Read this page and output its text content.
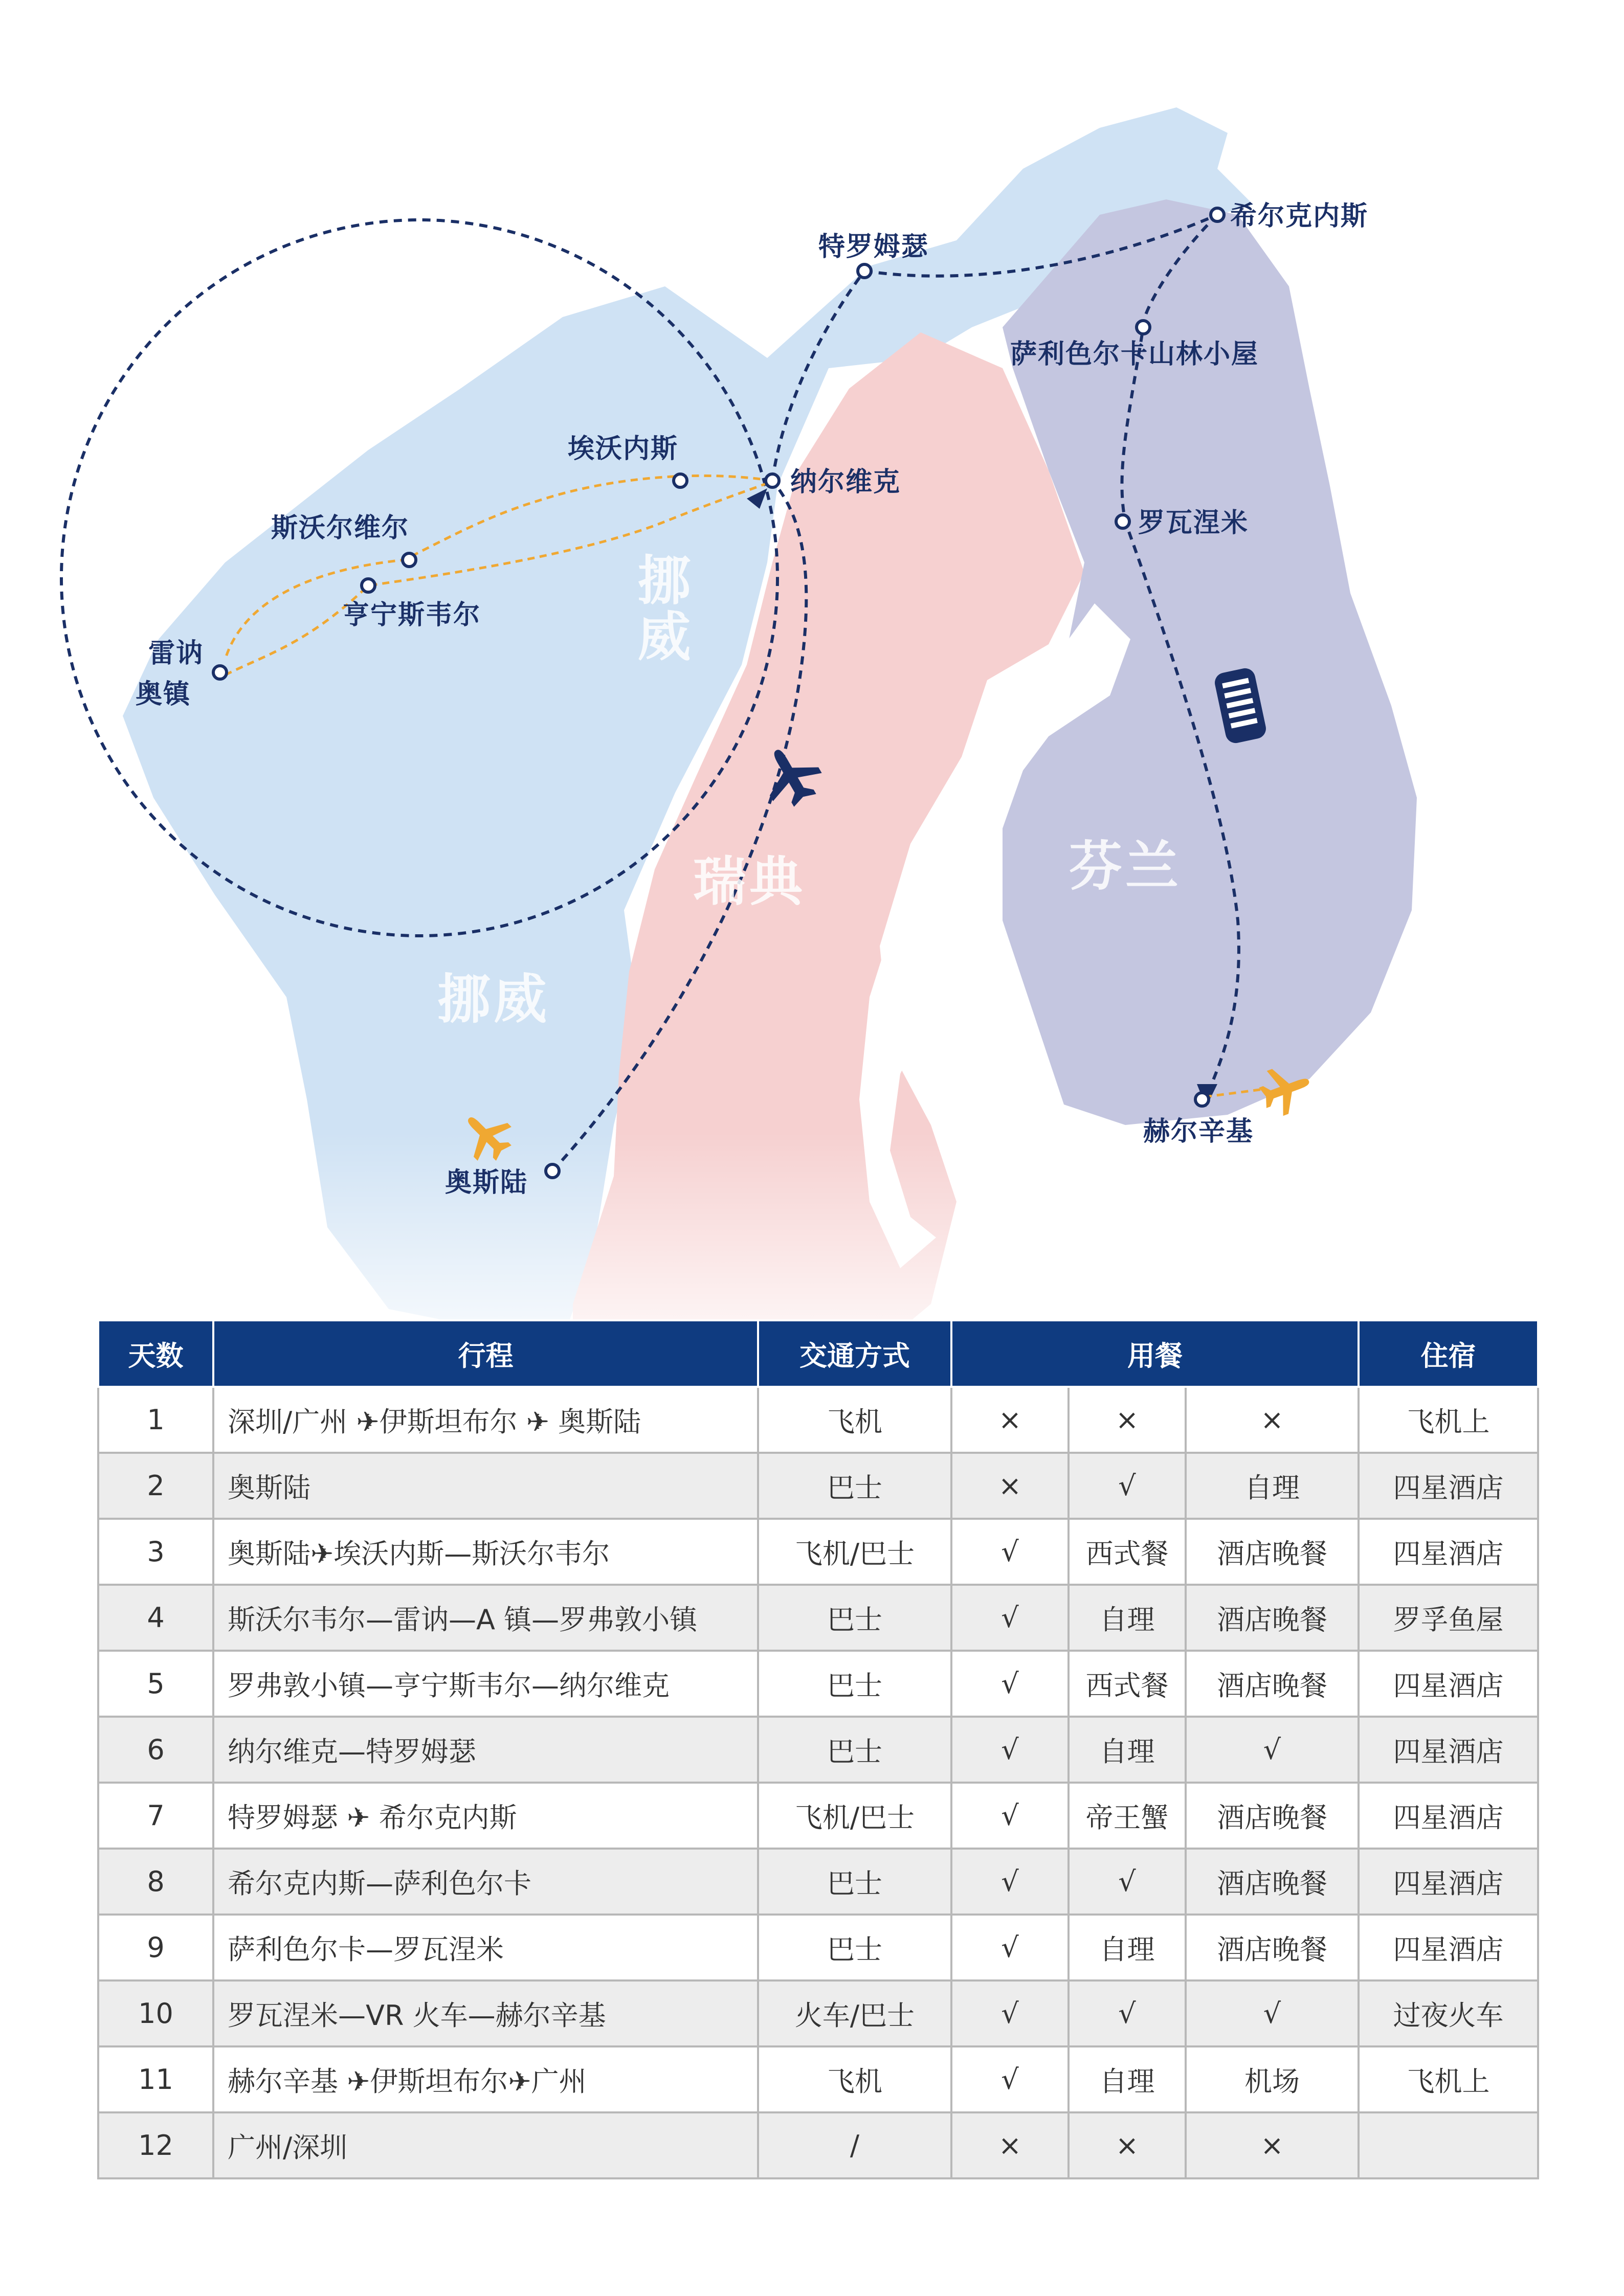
特罗姆瑟
希尔克内斯
萨利色尔卡山林小屋
埃沃内斯
纳尔维克
斯沃尔维尔
亨宁斯韦尔
罗瓦涅米
雷讷
奥镇
奥斯陆
赫尔辛基
挪威
瑞典	芬兰
挪威
天数	行程	交通方式	用餐			住宿
1	深圳/广州 ✈伊斯坦布尔 ✈ 奥斯陆	飞机	×	×	×	飞机上
2	奥斯陆	巴士	×	√	自理	四星酒店
3	奥斯陆✈埃沃内斯—斯沃尔韦尔	飞机/巴士	√	西式餐	酒店晚餐	四星酒店
4	斯沃尔韦尔—雷讷—A 镇—罗弗敦小镇	巴士	√	自理	酒店晚餐	罗孚鱼屋
5	罗弗敦小镇—亨宁斯韦尔—纳尔维克	巴士	√	西式餐	酒店晚餐	四星酒店
6	纳尔维克—特罗姆瑟	巴士	√	自理	√	四星酒店
7	特罗姆瑟 ✈ 希尔克内斯	飞机/巴士	√	帝王蟹	酒店晚餐	四星酒店
8	希尔克内斯—萨利色尔卡	巴士	√	√	酒店晚餐	四星酒店
9	萨利色尔卡—罗瓦涅米	巴士	√	自理	酒店晚餐	四星酒店
10	罗瓦涅米—VR 火车—赫尔辛基	火车/巴士	√	√	√	过夜火车
11	赫尔辛基 ✈伊斯坦布尔✈广州	飞机	√	自理	机场	飞机上
12	广州/深圳	/	×	×	×	
